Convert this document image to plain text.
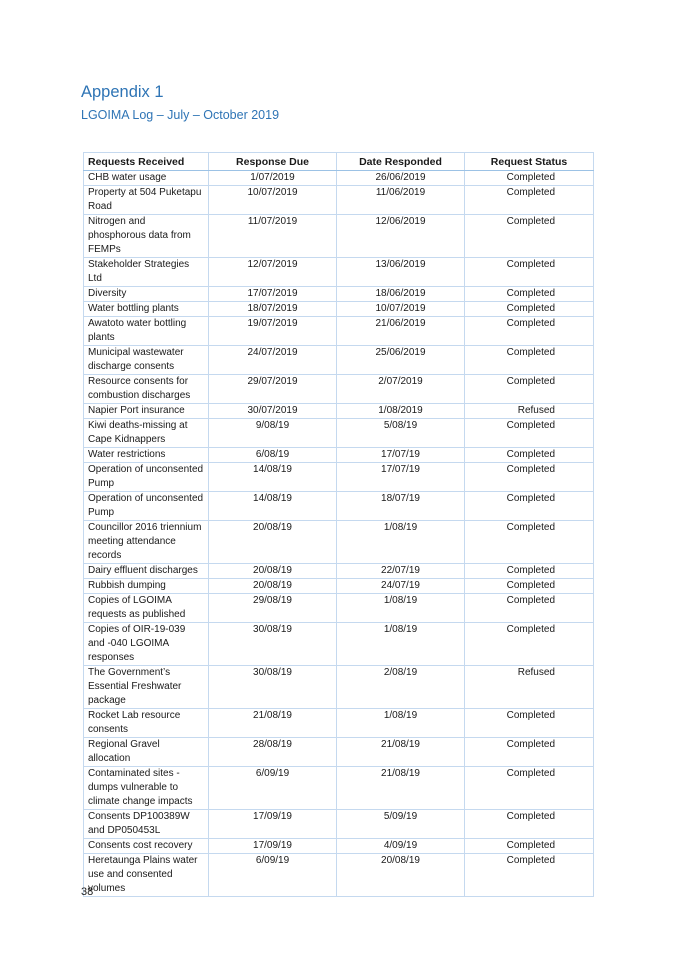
Appendix 1
LGOIMA Log – July – October 2019
Requests Received	Response Due	Date Responded	Request Status
CHB water usage	1/07/2019	26/06/2019	Completed
Property at 504 Puketapu Road	10/07/2019	11/06/2019	Completed
Nitrogen and phosphorous data from FEMPs	11/07/2019	12/06/2019	Completed
Stakeholder Strategies Ltd	12/07/2019	13/06/2019	Completed
Diversity	17/07/2019	18/06/2019	Completed
Water bottling plants	18/07/2019	10/07/2019	Completed
Awatoto water bottling plants	19/07/2019	21/06/2019	Completed
Municipal wastewater discharge consents	24/07/2019	25/06/2019	Completed
Resource consents for combustion discharges	29/07/2019	2/07/2019	Completed
Napier Port insurance	30/07/2019	1/08/2019	Refused
Kiwi deaths-missing at Cape Kidnappers	9/08/19	5/08/19	Completed
Water restrictions	6/08/19	17/07/19	Completed
Operation of unconsented Pump	14/08/19	17/07/19	Completed
Operation of unconsented Pump	14/08/19	18/07/19	Completed
Councillor 2016 triennium meeting attendance records	20/08/19	1/08/19	Completed
Dairy effluent discharges	20/08/19	22/07/19	Completed
Rubbish dumping	20/08/19	24/07/19	Completed
Copies of LGOIMA requests as published	29/08/19	1/08/19	Completed
Copies of OIR-19-039 and -040 LGOIMA responses	30/08/19	1/08/19	Completed
The Government’s Essential Freshwater package	30/08/19	2/08/19	Refused
Rocket Lab resource consents	21/08/19	1/08/19	Completed
Regional Gravel allocation	28/08/19	21/08/19	Completed
Contaminated sites - dumps vulnerable to climate change impacts	6/09/19	21/08/19	Completed
Consents DP100389W and DP050453L	17/09/19	5/09/19	Completed
Consents cost recovery	17/09/19	4/09/19	Completed
Heretaunga Plains water use and consented volumes	6/09/19	20/08/19	Completed
38
